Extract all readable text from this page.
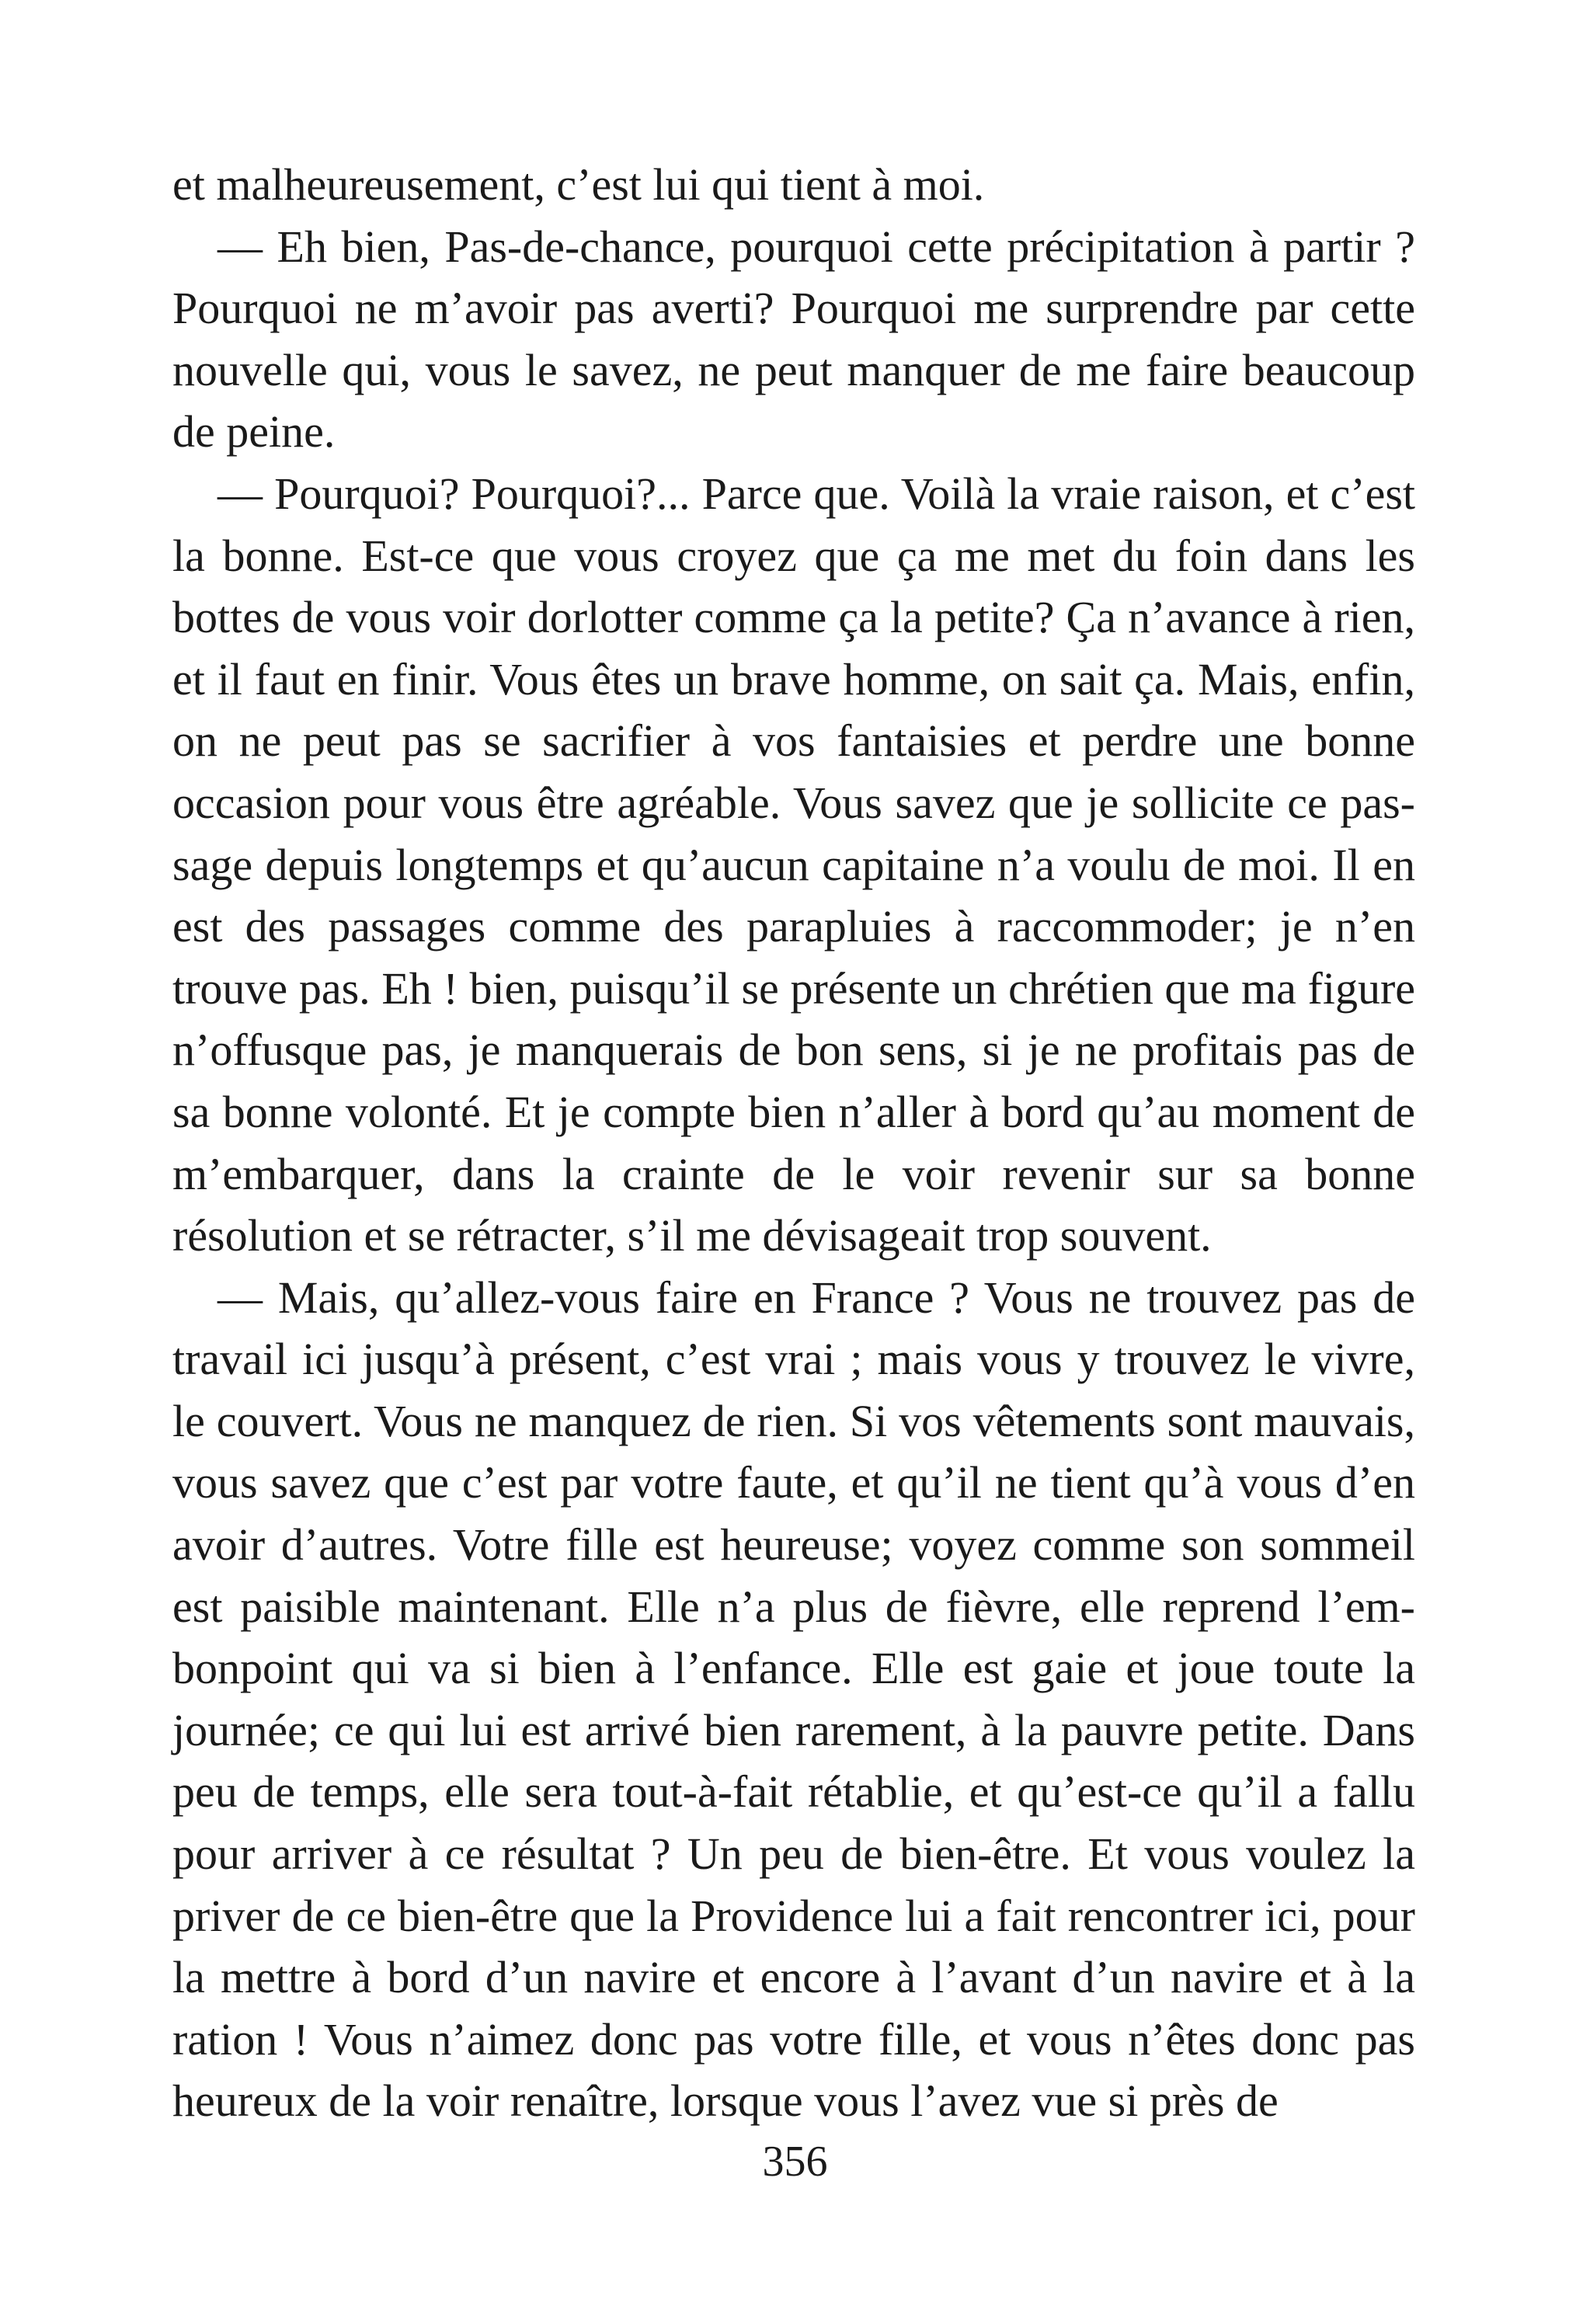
et malheureusement, c’est lui qui tient à moi.

— Eh bien, Pas-de-chance, pourquoi cette précipitation à partir ? Pourquoi ne m’avoir pas averti? Pourquoi me surprendre par cette nouvelle qui, vous le savez, ne peut manquer de me faire beaucoup de peine.

— Pourquoi? Pourquoi?... Parce que. Voilà la vraie raison, et c’est la bonne. Est-ce que vous croyez que ça me met du foin dans les bottes de vous voir dorlotter comme ça la petite? Ça n’avance à rien, et il faut en finir. Vous êtes un brave homme, on sait ça. Mais, enfin, on ne peut pas se sacrifier à vos fantaisies et perdre une bonne occasion pour vous être agréable. Vous savez que je sollicite ce passage depuis longtemps et qu’aucun capitaine n’a voulu de moi. Il en est des passages comme des parapluies à raccommoder; je n’en trouve pas. Eh ! bien, puisqu’il se présente un chrétien que ma figure n’offusque pas, je manquerais de bon sens, si je ne profitais pas de sa bonne volonté. Et je compte bien n’aller à bord qu’au moment de m’embarquer, dans la crainte de le voir revenir sur sa bonne résolution et se rétracter, s’il me dévisageait trop souvent.

— Mais, qu’allez-vous faire en France ? Vous ne trouvez pas de travail ici jusqu’à présent, c’est vrai ; mais vous y trouvez le vivre, le couvert. Vous ne manquez de rien. Si vos vêtements sont mauvais, vous savez que c’est par votre faute, et qu’il ne tient qu’à vous d’en avoir d’autres. Votre fille est heureuse; voyez comme son sommeil est paisible maintenant. Elle n’a plus de fièvre, elle reprend l’embonpoint qui va si bien à l’enfance. Elle est gaie et joue toute la journée; ce qui lui est arrivé bien rarement, à la pauvre petite. Dans peu de temps, elle sera tout-à-fait rétablie, et qu’est-ce qu’il a fallu pour arriver à ce résultat ? Un peu de bien-être. Et vous voulez la priver de ce bien-être que la Providence lui a fait rencontrer ici, pour la mettre à bord d’un navire et encore à l’avant d’un navire et à la ration ! Vous n’aimez donc pas votre fille, et vous n’êtes donc pas heureux de la voir renaître, lorsque vous l’avez vue si près de

356
